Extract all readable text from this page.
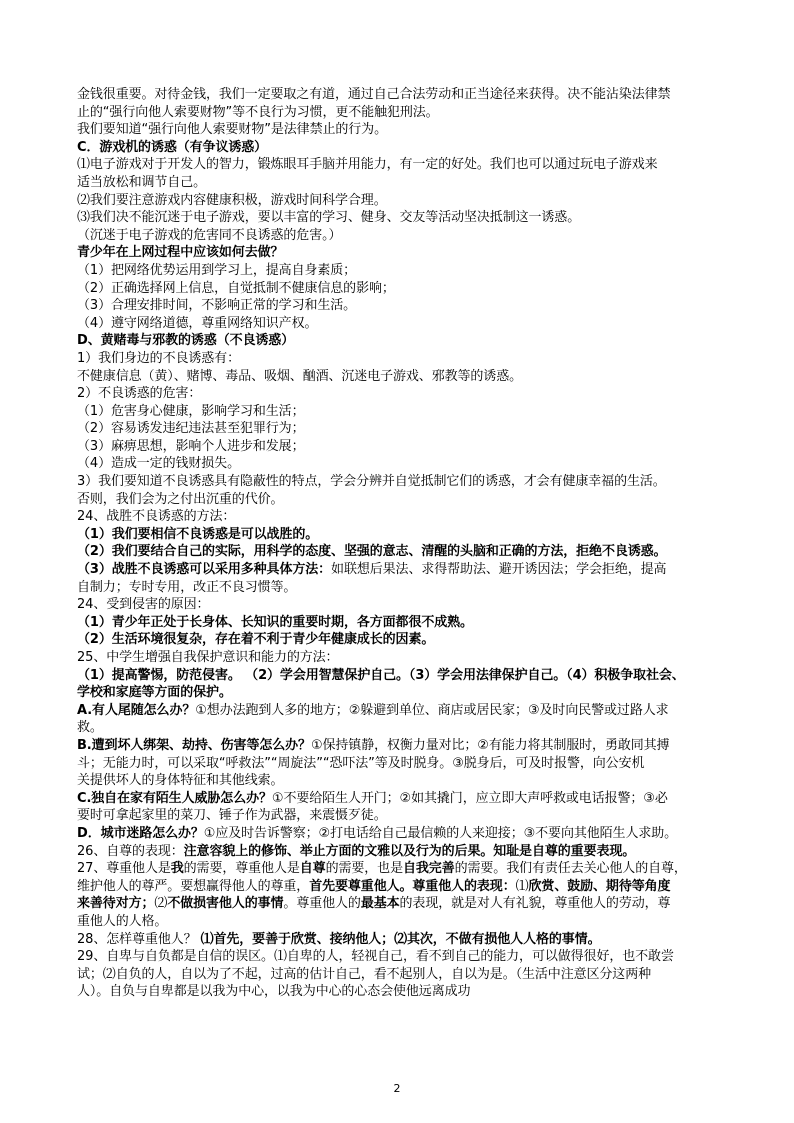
金钱很重要。对待金钱，我们一定要取之有道，通过自己合法劳动和正当途径来获得。决不能沾染法律禁
止的“强行向他人索要财物”等不良行为习惯，更不能触犯刑法。
我们要知道“强行向他人索要财物”是法律禁止的行为。
C．游戏机的诱惑（有争议诱惑）
⑴电子游戏对于开发人的智力，锻炼眼耳手脑并用能力，有一定的好处。我们也可以通过玩电子游戏来
适当放松和调节自己。
⑵我们要注意游戏内容健康积极，游戏时间科学合理。
⑶我们决不能沉迷于电子游戏，要以丰富的学习、健身、交友等活动坚决抵制这一诱惑。
（沉迷于电子游戏的危害同不良诱惑的危害。）
青少年在上网过程中应该如何去做？
（1）把网络优势运用到学习上，提高自身素质；
（2）正确选择网上信息，自觉抵制不健康信息的影响；
（3）合理安排时间，不影响正常的学习和生活。
（4）遵守网络道德，尊重网络知识产权。
D、黄赌毒与邪教的诱惑（不良诱惑）
1）我们身边的不良诱惑有：
不健康信息（黄）、赌博、毒品、吸烟、酗酒、沉迷电子游戏、邪教等的诱惑。
2）不良诱惑的危害：
（1）危害身心健康，影响学习和生活；
（2）容易诱发违纪违法甚至犯罪行为；
（3）麻痹思想，影响个人进步和发展；
（4）造成一定的钱财损失。
3）我们要知道不良诱惑具有隐蔽性的特点，学会分辨并自觉抵制它们的诱惑，才会有健康幸福的生活。
否则，我们会为之付出沉重的代价。
24、战胜不良诱惑的方法：
（1）我们要相信不良诱惑是可以战胜的。
（2）我们要结合自己的实际，用科学的态度、坚强的意志、清醒的头脑和正确的方法，拒绝不良诱惑。
（3）战胜不良诱惑可以采用多种具体方法：如联想后果法、求得帮助法、避开诱因法；学会拒绝，提高
自制力；专时专用，改正不良习惯等。
24、受到侵害的原因：
（1）青少年正处于长身体、长知识的重要时期，各方面都很不成熟。
（2）生活环境很复杂，存在着不利于青少年健康成长的因素。
25、中学生增强自我保护意识和能力的方法：
（1）提高警惕，防范侵害。 （2）学会用智慧保护自己。（3）学会用法律保护自己。（4）积极争取社会、
学校和家庭等方面的保护。
A.有人尾随怎么办？①想办法跑到人多的地方；②躲避到单位、商店或居民家；③及时向民警或过路人求
救。
B.遭到坏人绑架、劫持、伤害等怎么办？①保持镇静，权衡力量对比；②有能力将其制服时，勇敢同其搏
斗；无能力时，可以采取“呼救法”“周旋法”“恐吓法”等及时脱身。③脱身后，可及时报警，向公安机
关提供坏人的身体特征和其他线索。
C.独自在家有陌生人威胁怎么办？①不要给陌生人开门；②如其撬门，应立即大声呼救或电话报警；③必
要时可拿起家里的菜刀、锤子作为武器，来震慑歹徒。
D．城市迷路怎么办？①应及时告诉警察；②打电话给自己最信赖的人来迎接；③不要向其他陌生人求助。
26、自尊的表现：注意容貌上的修饰、举止方面的文雅以及行为的后果。知耻是自尊的重要表现。
27、尊重他人是我的需要，尊重他人是自尊的需要，也是自我完善的需要。我们有责任去关心他人的自尊，
维护他人的尊严。要想赢得他人的尊重，首先要尊重他人。尊重他人的表现：⑴欣赏、鼓励、期待等角度
来善待对方；⑵不做损害他人的事情。尊重他人的最基本的表现，就是对人有礼貌，尊重他人的劳动，尊
重他人的人格。
28、怎样尊重他人？ ⑴首先，要善于欣赏、接纳他人；⑵其次，不做有损他人人格的事情。
29、自卑与自负都是自信的误区。⑴自卑的人，轻视自己，看不到自己的能力，可以做得很好，也不敢尝
试；⑵自负的人，自以为了不起，过高的估计自己，看不起别人，自以为是。（生活中注意区分这两种
人）。自负与自卑都是以我为中心，以我为中心的心态会使他远离成功
2
